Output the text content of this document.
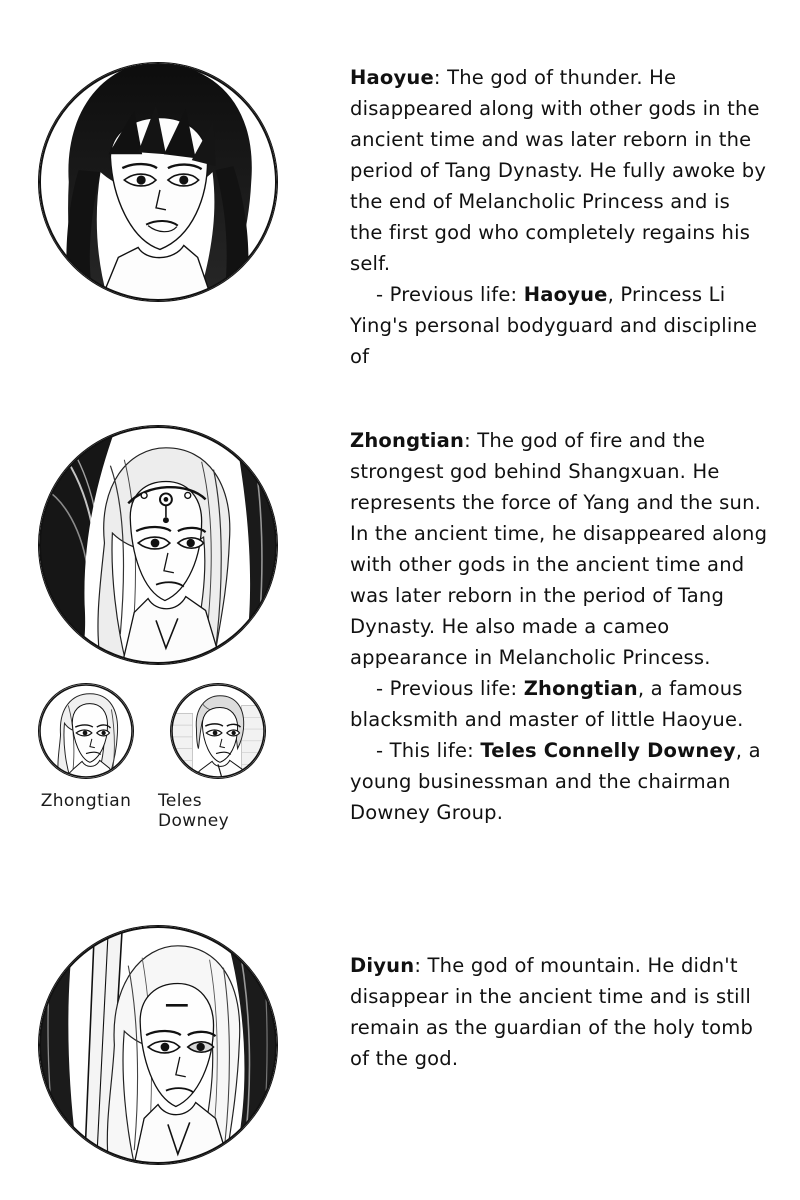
Haoyue: The god of thunder. He disappeared along with other gods in the ancient time and was later reborn in the period of Tang Dynasty. He fully awoke by the end of Melancholic Princess and is the first god who completely regains his self.

- Previous life: Haoyue, Princess Li Ying's personal bodyguard and discipline of

Zhongtian Teles Downey

Zhongtian: The god of fire and the strongest god behind Shangxuan. He represents the force of Yang and the sun. In the ancient time, he disappeared along with other gods in the ancient time and was later reborn in the period of Tang Dynasty. He also made a cameo appearance in Melancholic Princess.

- Previous life: Zhongtian, a famous blacksmith and master of little Haoyue.

- This life: Teles Connelly Downey, a young businessman and the chairman Downey Group.

Diyun: The god of mountain. He didn't disappear in the ancient time and is still remain as the guardian of the holy tomb of the god.
